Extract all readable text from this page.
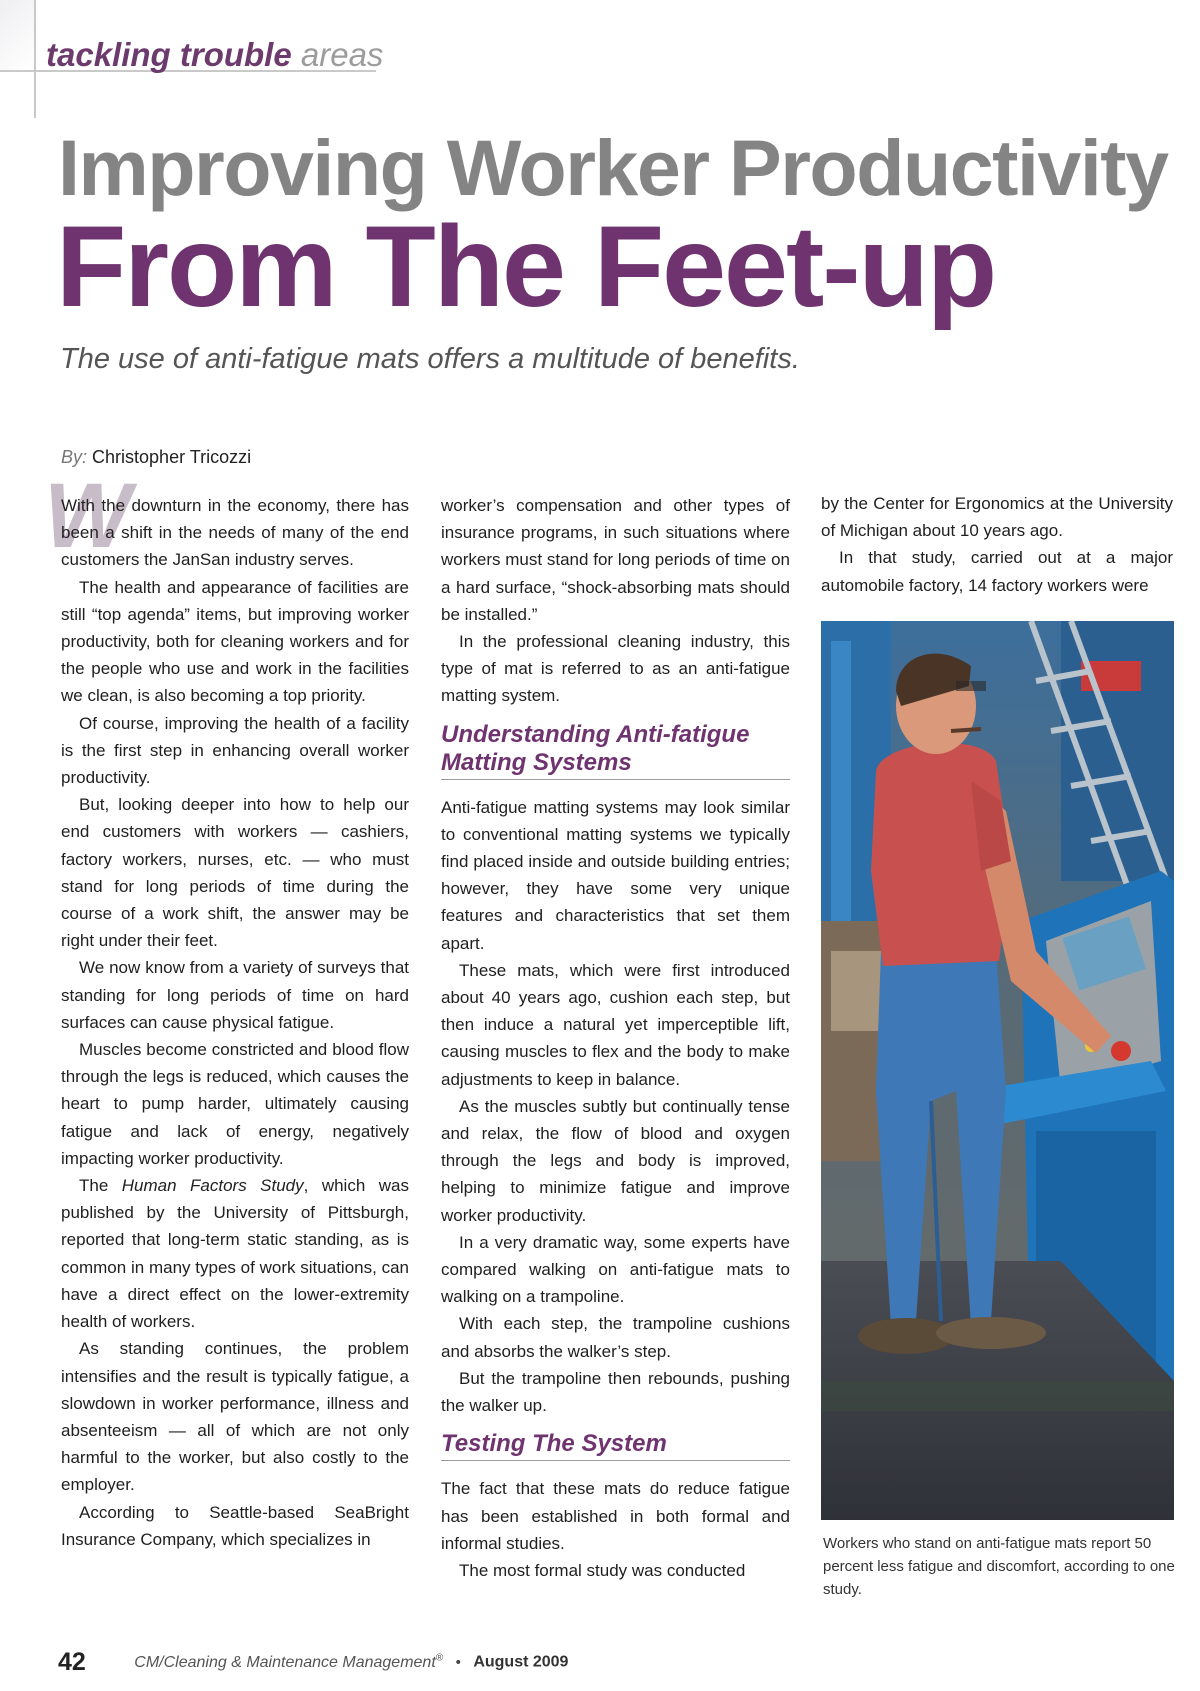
tackling trouble areas
Improving Worker Productivity
From The Feet-up
The use of anti-fatigue mats offers a multitude of benefits.
By: Christopher Tricozzi
W

With the downturn in the economy, there has been a shift in the needs of many of the end customers the JanSan industry serves.

The health and appearance of facilities are still “top agenda” items, but improving worker productivity, both for cleaning workers and for the people who use and work in the facilities we clean, is also becoming a top priority.

Of course, improving the health of a facility is the first step in enhancing overall worker productivity.

But, looking deeper into how to help our end customers with workers — cashiers, factory workers, nurses, etc. — who must stand for long periods of time during the course of a work shift, the answer may be right under their feet.

We now know from a variety of surveys that standing for long periods of time on hard surfaces can cause physical fatigue.

Muscles become constricted and blood flow through the legs is reduced, which causes the heart to pump harder, ultimately causing fatigue and lack of energy, negatively impacting worker productivity.

The Human Factors Study, which was published by the University of Pittsburgh, reported that long-term static standing, as is common in many types of work situations, can have a direct effect on the lower-extremity health of workers.

As standing continues, the problem intensifies and the result is typically fatigue, a slowdown in worker performance, illness and absenteeism — all of which are not only harmful to the worker, but also costly to the employer.

According to Seattle-based SeaBright Insurance Company, which specializes in

worker’s compensation and other types of insurance programs, in such situations where workers must stand for long periods of time on a hard surface, “shock-absorbing mats should be installed.”

In the professional cleaning industry, this type of mat is referred to as an anti-fatigue matting system.

Understanding Anti-fatigue Matting Systems

Anti-fatigue matting systems may look similar to conventional matting systems we typically find placed inside and outside building entries; however, they have some very unique features and characteristics that set them apart.

These mats, which were first introduced about 40 years ago, cushion each step, but then induce a natural yet imperceptible lift, causing muscles to flex and the body to make adjustments to keep in balance.

As the muscles subtly but continually tense and relax, the flow of blood and oxygen through the legs and body is improved, helping to minimize fatigue and improve worker productivity.

In a very dramatic way, some experts have compared walking on anti-fatigue mats to walking on a trampoline.

With each step, the trampoline cushions and absorbs the walker’s step.

But the trampoline then rebounds, pushing the walker up.

Testing The System

The fact that these mats do reduce fatigue has been established in both formal and informal studies.

The most formal study was conducted

by the Center for Ergonomics at the University of Michigan about 10 years ago.

In that study, carried out at a major automobile factory, 14 factory workers were

Workers who stand on anti-fatigue mats report 50 percent less fatigue and discomfort, according to one study.
42	CM/Cleaning & Maintenance Management® • August 2009
